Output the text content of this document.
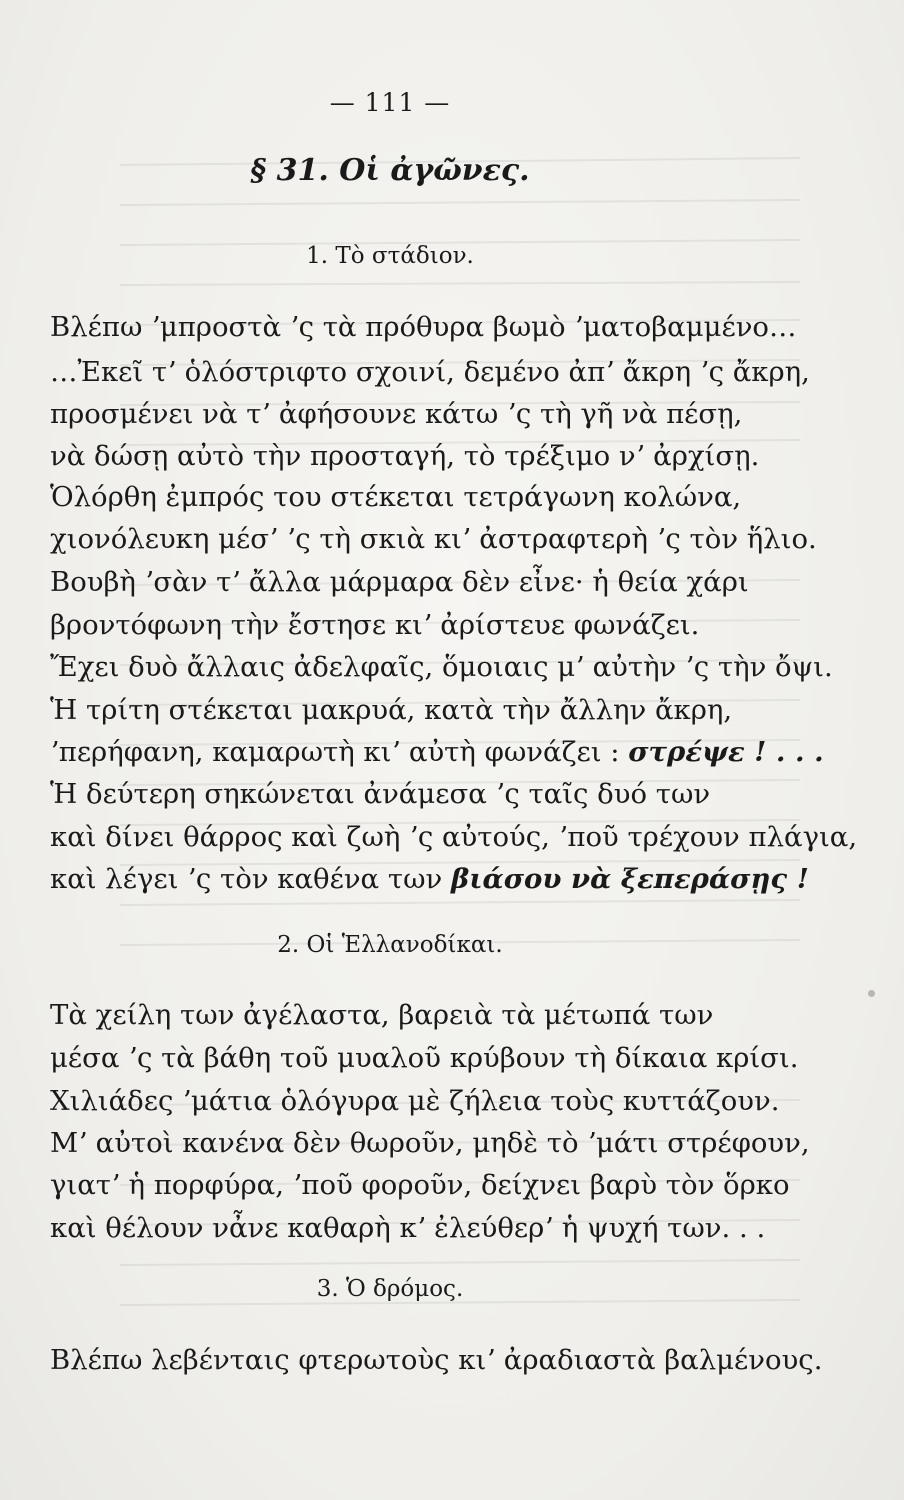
— 111 —
§ 31. Οἱ ἀγῶνες.
1. Τὸ στάδιον.
Βλέπω ʼμπροστὰ ʼς τὰ πρόθυρα βωμὸ ʼματοβαμμένο…
…Ἐκεῖ τʼ ὁλόστριφτο σχοινί, δεμένο ἀπʼ ἄκρη ʼς ἄκρη,
προσμένει νὰ τʼ ἀφήσουνε κάτω ʼς τὴ γῆ νὰ πέσῃ,
νὰ δώσῃ αὐτὸ τὴν προσταγή, τὸ τρέξιμο νʼ ἀρχίσῃ.
Ὁλόρθη ἐμπρός του στέκεται τετράγωνη κολώνα,
χιονόλευκη μέσʼ ʼς τὴ σκιὰ κιʼ ἀστραφτερὴ ʼς τὸν ἥλιο.
Βουβὴ ʼσὰν τʼ ἄλλα μάρμαρα δὲν εἶνε· ἡ θεία χάρι
βροντόφωνη τὴν ἔστησε κιʼ ἀρίστευε φωνάζει.
Ἔχει δυὸ ἄλλαις ἀδελφαῖς, ὅμοιαις μʼ αὐτὴν ʼς τὴν ὄψι.
Ἡ τρίτη στέκεται μακρυά, κατὰ τὴν ἄλλην ἄκρη,
ʼπερήφανη, καμαρωτὴ κιʼ αὐτὴ φωνάζει : στρέψε ! . . .
Ἡ δεύτερη σηκώνεται ἀνάμεσα ʼς ταῖς δυό των
καὶ δίνει θάρρος καὶ ζωὴ ʼς αὐτούς, ʼποῦ τρέχουν πλάγια,
καὶ λέγει ʼς τὸν καθένα των βιάσου νὰ ξεπεράσῃς !
2. Οἱ Ἑλλανοδίκαι.
Τὰ χείλη των ἀγέλαστα, βαρειὰ τὰ μέτωπά των
μέσα ʼς τὰ βάθη τοῦ μυαλοῦ κρύβουν τὴ δίκαια κρίσι.
Χιλιάδες ʼμάτια ὁλόγυρα μὲ ζήλεια τοὺς κυττάζουν.
Μʼ αὐτοὶ κανένα δὲν θωροῦν, μηδὲ τὸ ʼμάτι στρέφουν,
γιατʼ ἡ πορφύρα, ʼποῦ φοροῦν, δείχνει βαρὺ τὸν ὅρκο
καὶ θέλουν νἆνε καθαρὴ κʼ ἐλεύθερʼ ἡ ψυχή των. . .
3. Ὁ δρόμος.
Βλέπω λεβένταις φτερωτοὺς κιʼ ἀραδιαστὰ βαλμένους.
